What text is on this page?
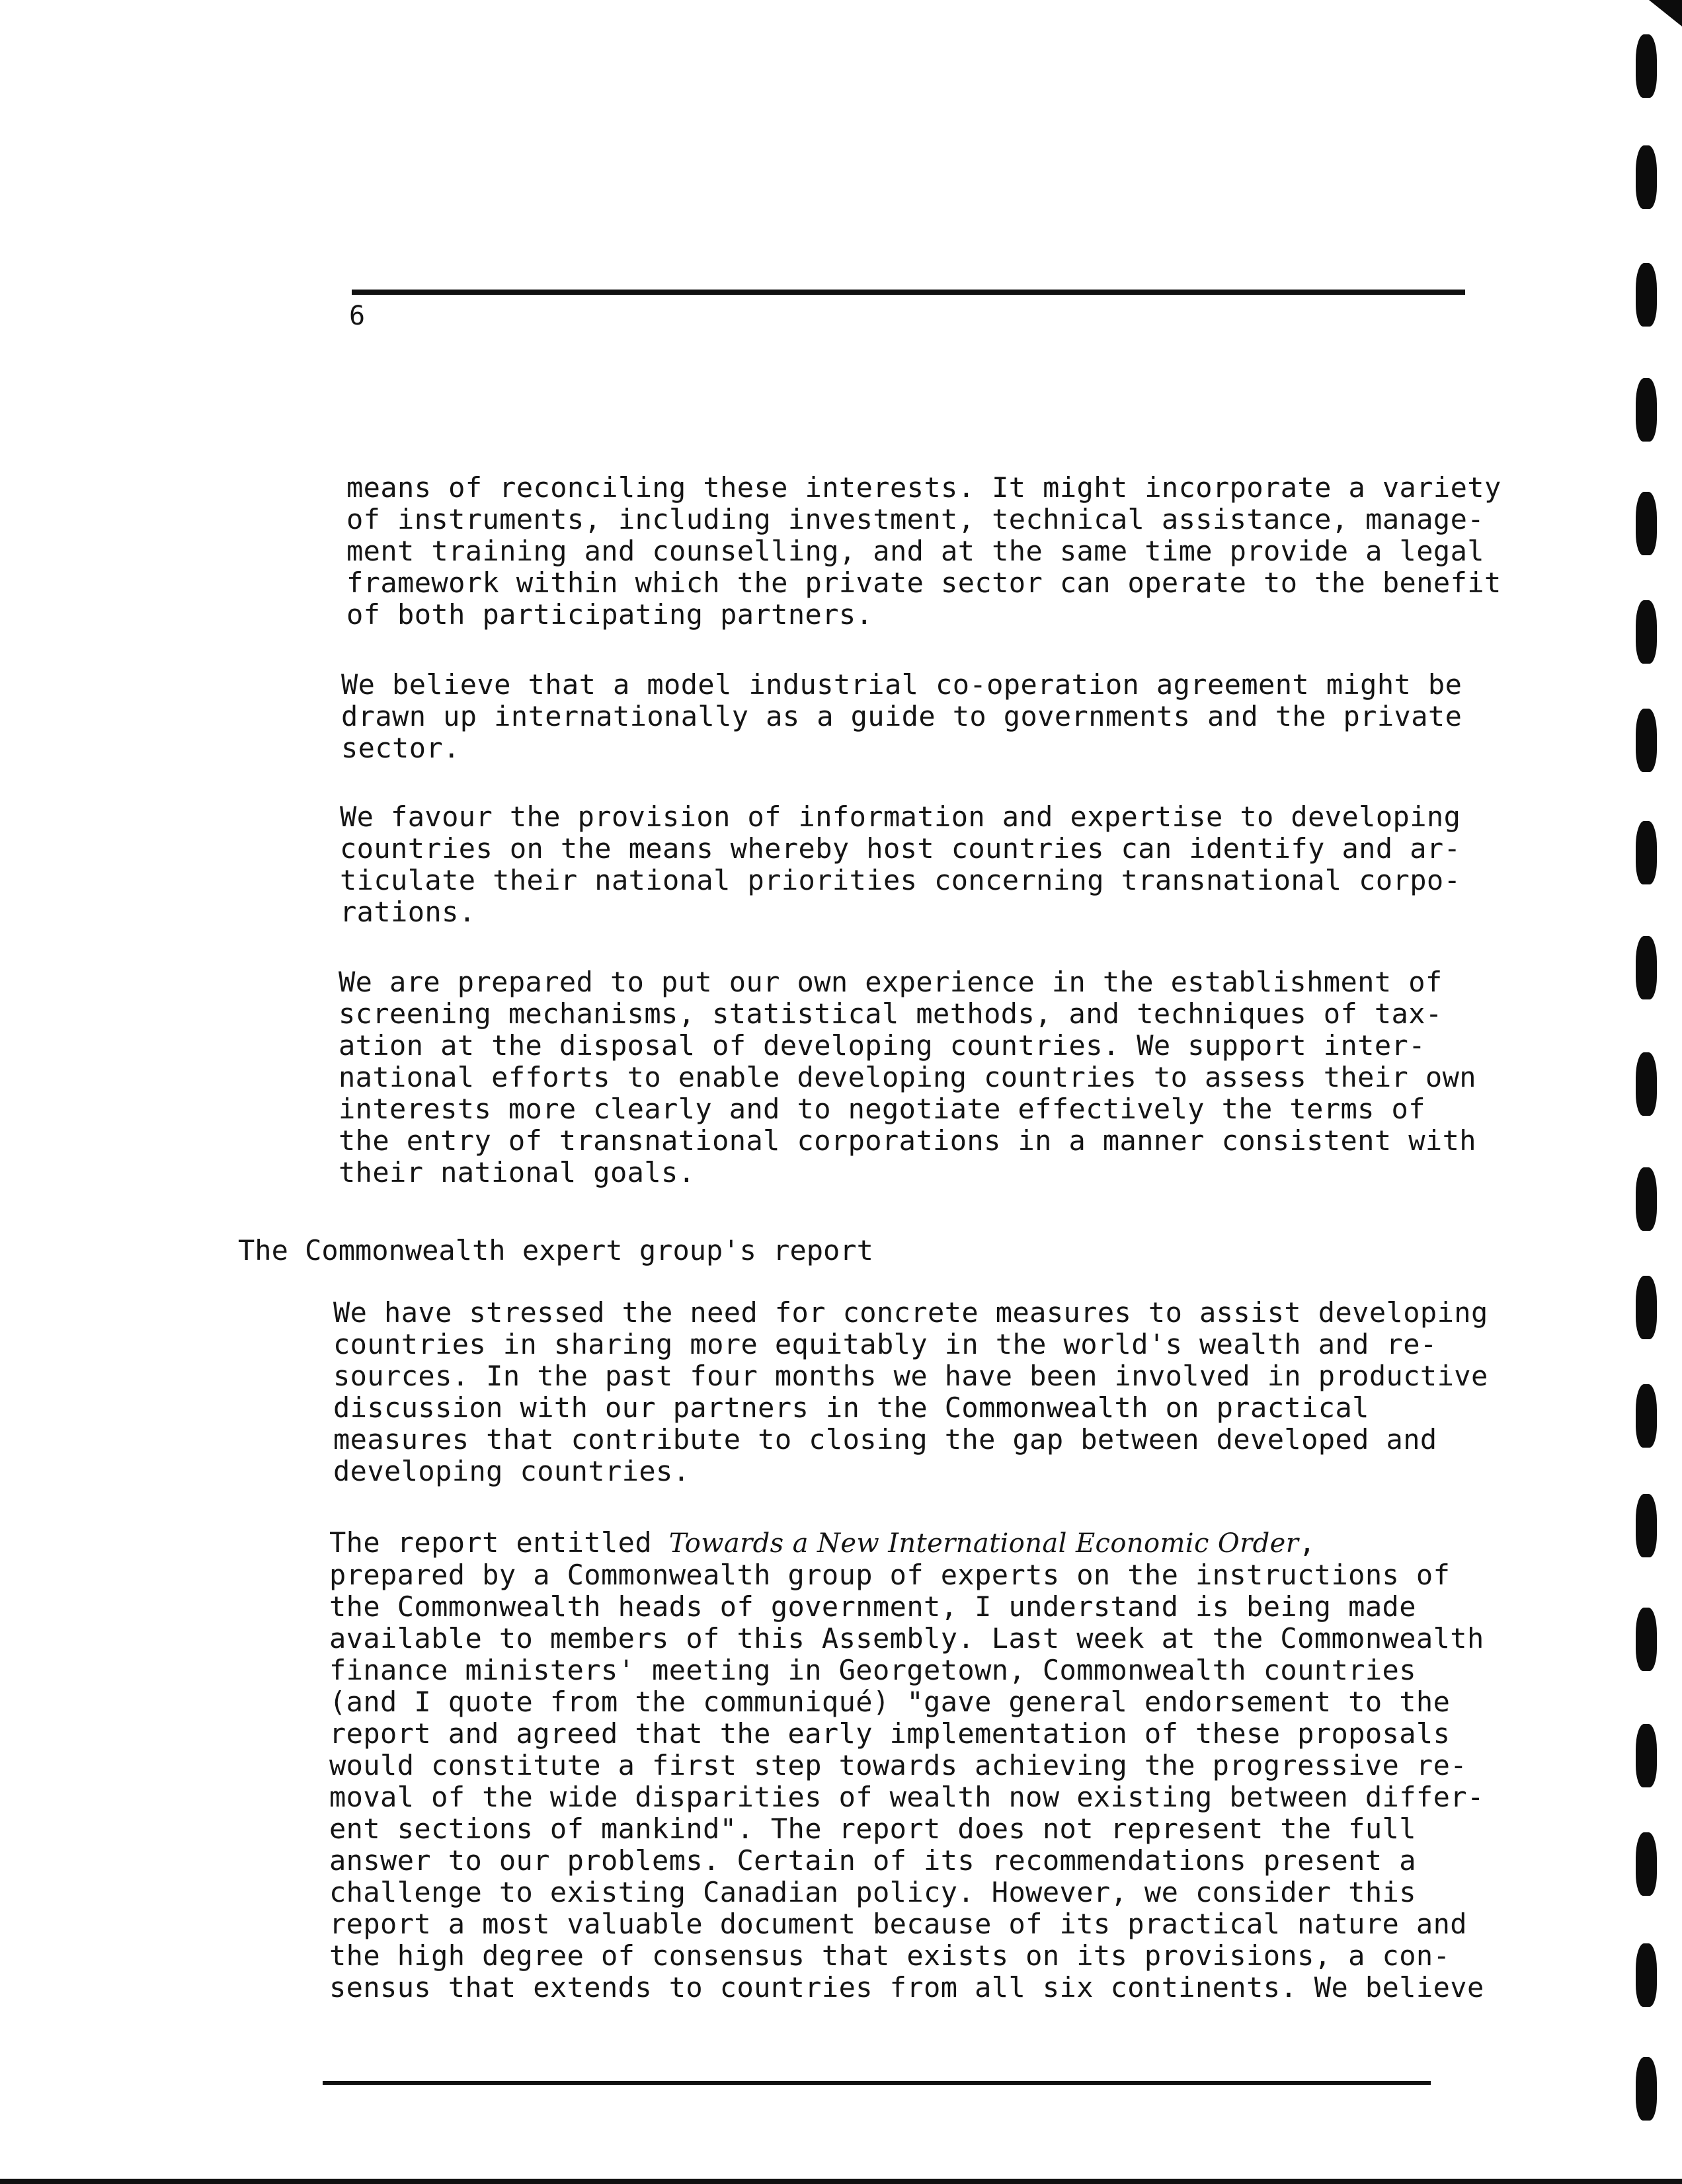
6

means of reconciling these interests. It might incorporate a variety
of instruments, including investment, technical assistance, manage-
ment training and counselling, and at the same time provide a legal
framework within which the private sector can operate to the benefit
of both participating partners.

We believe that a model industrial co-operation agreement might be
drawn up internationally as a guide to governments and the private
sector.

We favour the provision of information and expertise to developing
countries on the means whereby host countries can identify and ar-
ticulate their national priorities concerning transnational corpo-
rations.

We are prepared to put our own experience in the establishment of
screening mechanisms, statistical methods, and techniques of tax-
ation at the disposal of developing countries. We support inter-
national efforts to enable developing countries to assess their own
interests more clearly and to negotiate effectively the terms of
the entry of transnational corporations in a manner consistent with
their national goals.

The Commonwealth expert group's report

We have stressed the need for concrete measures to assist developing
countries in sharing more equitably in the world's wealth and re-
sources. In the past four months we have been involved in productive
discussion with our partners in the Commonwealth on practical
measures that contribute to closing the gap between developed and
developing countries.

The report entitled Towards a New International Economic Order,
prepared by a Commonwealth group of experts on the instructions of
the Commonwealth heads of government, I understand is being made
available to members of this Assembly. Last week at the Commonwealth
finance ministers' meeting in Georgetown, Commonwealth countries
(and I quote from the communiqué) "gave general endorsement to the
report and agreed that the early implementation of these proposals
would constitute a first step towards achieving the progressive re-
moval of the wide disparities of wealth now existing between differ-
ent sections of mankind". The report does not represent the full
answer to our problems. Certain of its recommendations present a
challenge to existing Canadian policy. However, we consider this
report a most valuable document because of its practical nature and
the high degree of consensus that exists on its provisions, a con-
sensus that extends to countries from all six continents. We believe
